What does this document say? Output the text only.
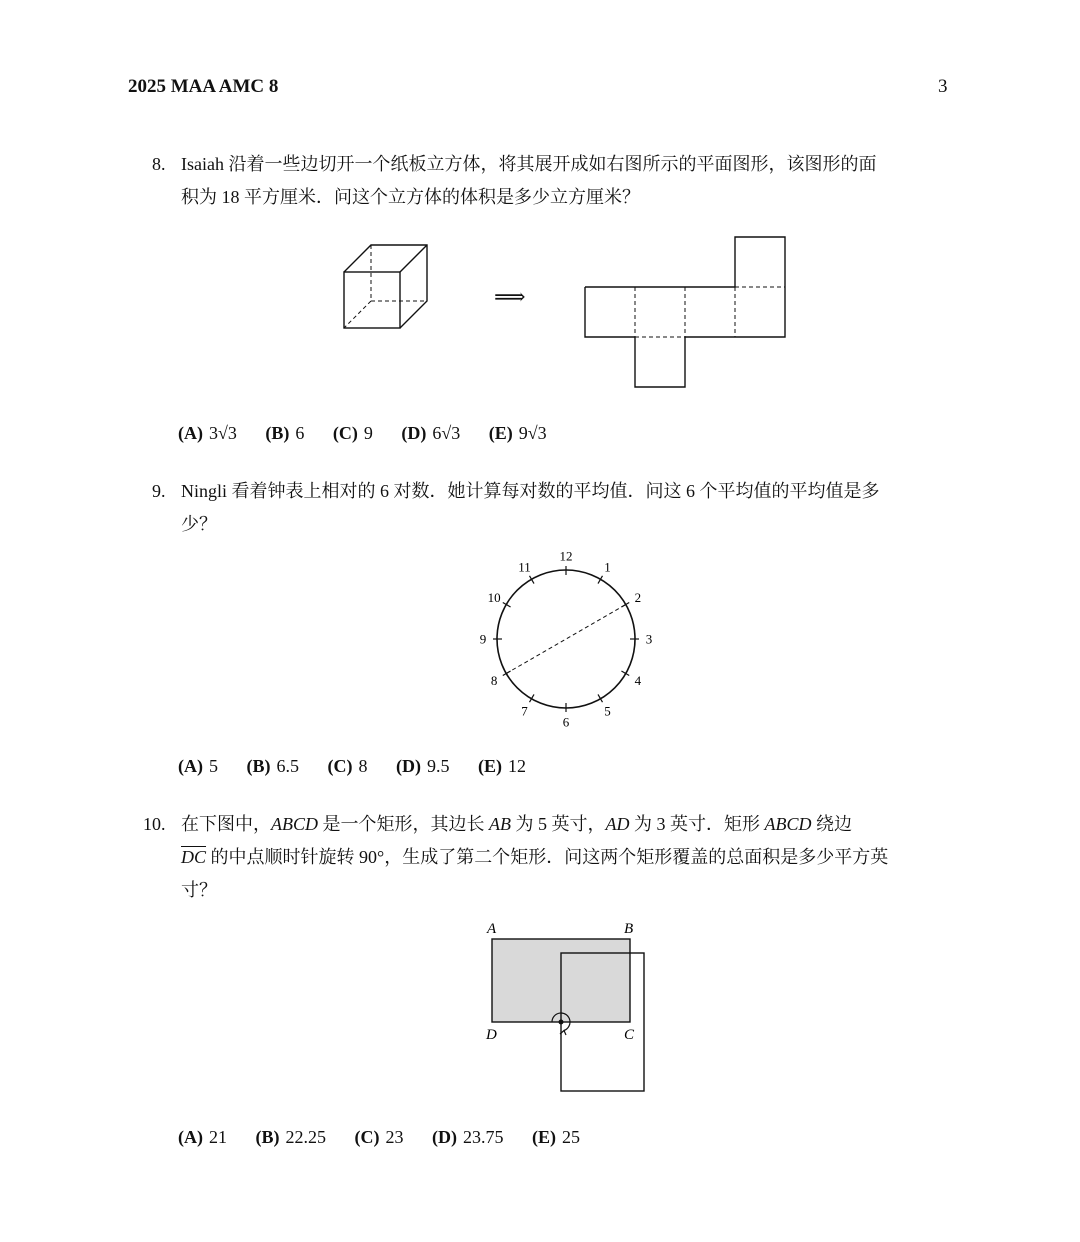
2025 MAA AMC 8	3
8. Isaiah 沿着一些边切开一个纸板立方体，将其展开成如右图所示的平面图形，该图形的面
积为 18 平方厘米．问这个立方体的体积是多少立方厘米？
⟹
(A) 3√3 (B) 6 (C) 9 (D) 6√3 (E) 9√3
9. Ningli 看着钟表上相对的 6 对数．她计算每对数的平均值．问这 6 个平均值的平均值是多
少？
12
1
2
3
4
5
6
7
8
9
10
11
(A) 5 (B) 6.5 (C) 8 (D) 9.5 (E) 12
10. 在下图中，ABCD 是一个矩形，其边长 AB 为 5 英寸，AD 为 3 英寸．矩形 ABCD 绕边
$\overline{DC}$ 的中点顺时针旋转 90°，生成了第二个矩形．问这两个矩形覆盖的总面积是多少平方英
寸？
A	B
D	C
(A) 21 (B) 22.25 (C) 23 (D) 23.75 (E) 25
